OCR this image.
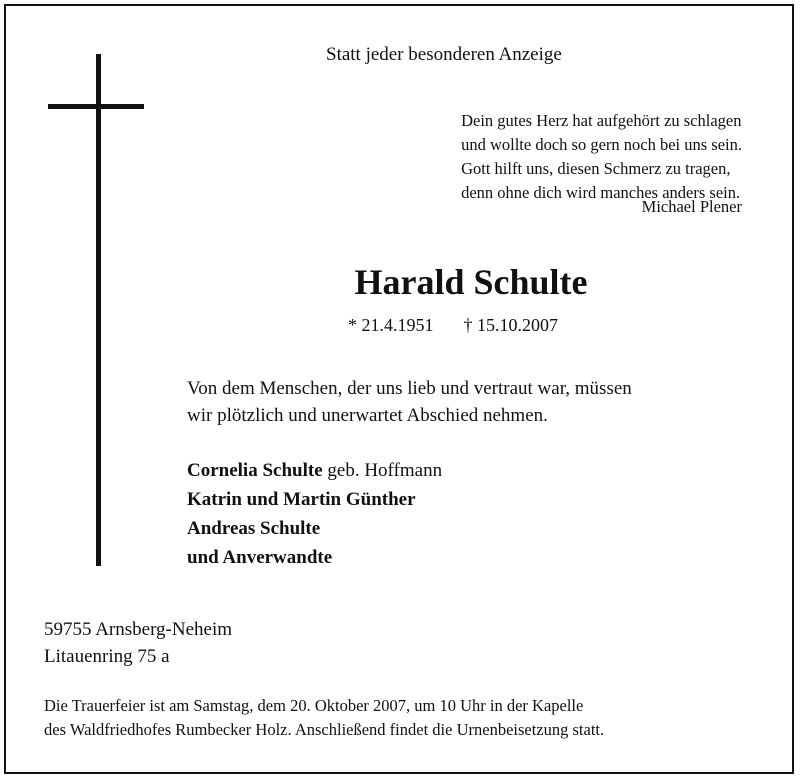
Statt jeder besonderen Anzeige
Dein gutes Herz hat aufgehört zu schlagen
und wollte doch so gern noch bei uns sein.
Gott hilft uns, diesen Schmerz zu tragen,
denn ohne dich wird manches anders sein.
Michael Plener
Harald Schulte
* 21.4.1951 † 15.10.2007
Von dem Menschen, der uns lieb und vertraut war, müssen
wir plötzlich und unerwartet Abschied nehmen.
Cornelia Schulte geb. Hoffmann
Katrin und Martin Günther
Andreas Schulte
und Anverwandte
59755 Arnsberg-Neheim
Litauenring 75 a
Die Trauerfeier ist am Samstag, dem 20. Oktober 2007, um 10 Uhr in der Kapelle
des Waldfriedhofes Rumbecker Holz. Anschließend findet die Urnenbeisetzung statt.
